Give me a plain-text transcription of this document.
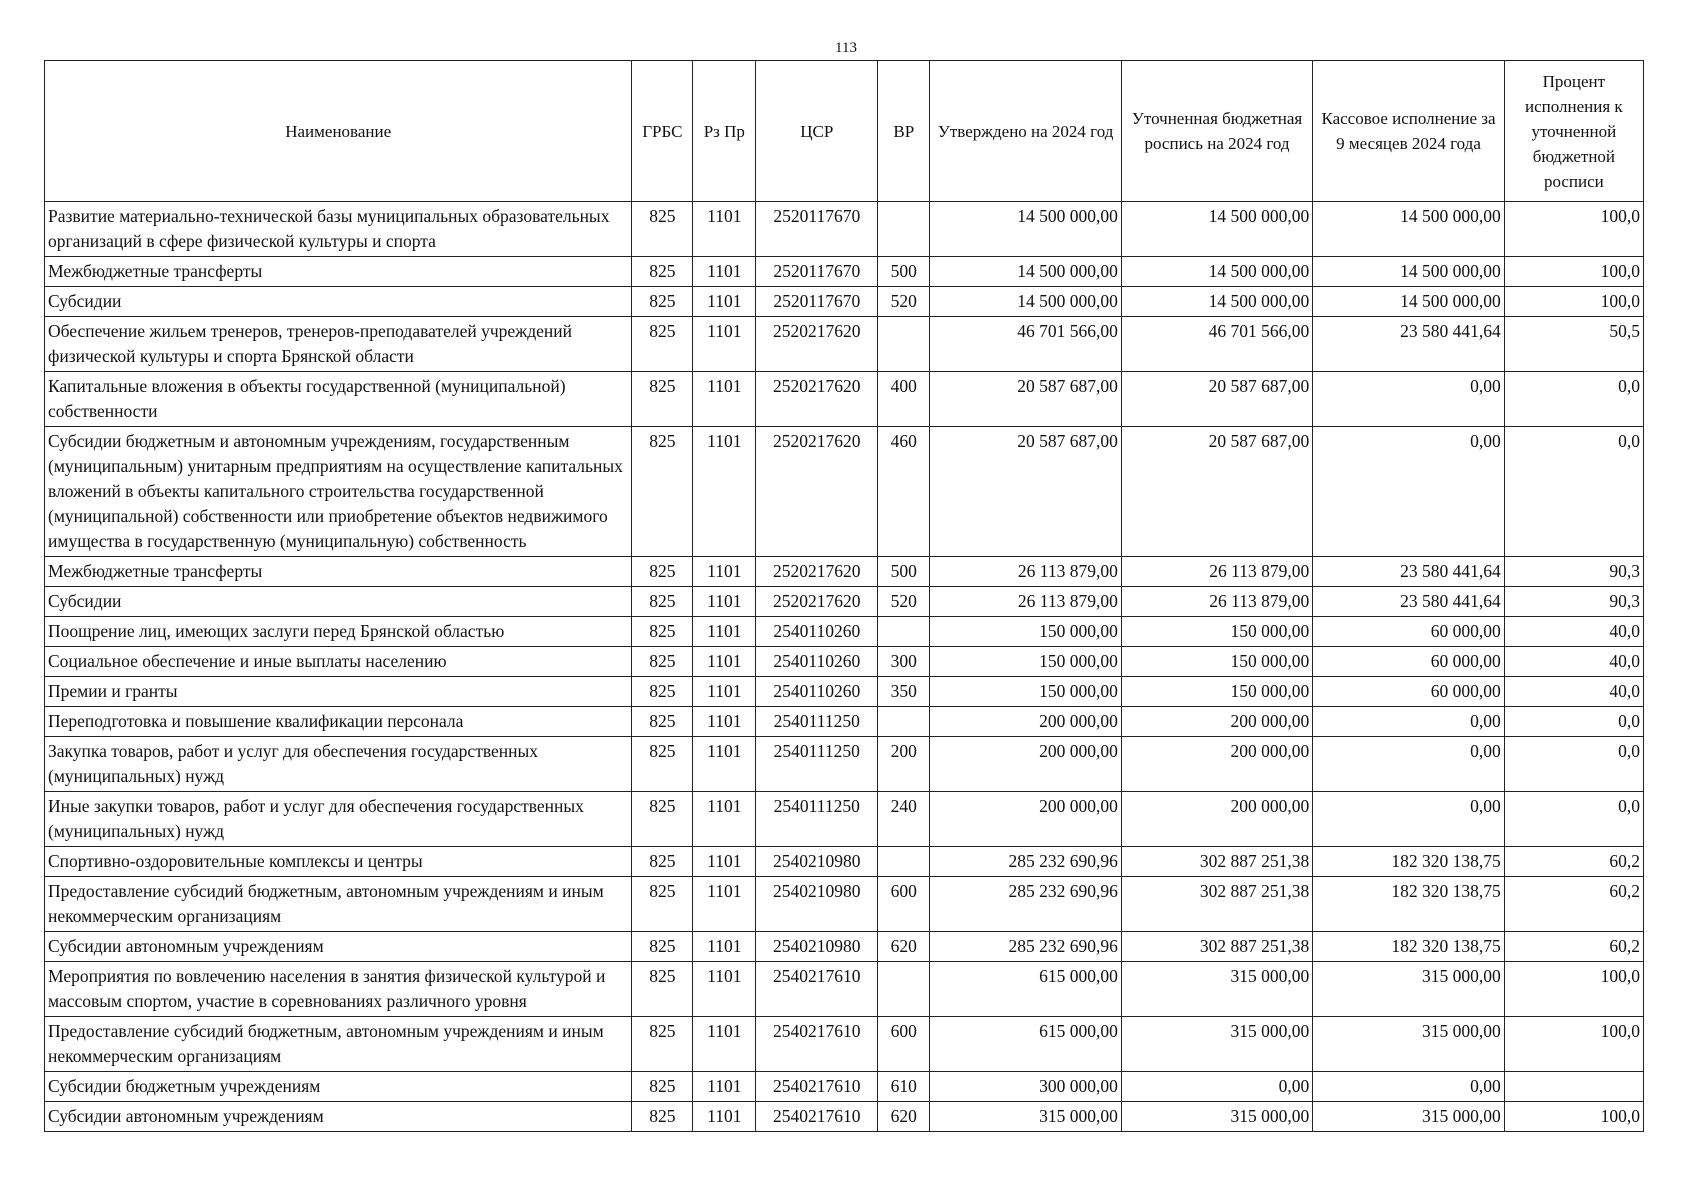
113
Наименование	ГРБС	Рз Пр	ЦСР	ВР	Утверждено на 2024 год	Уточненная бюджетная роспись на 2024 год	Кассовое исполнение за 9 месяцев 2024 года	Процент исполнения к уточненной бюджетной росписи
Развитие материально-технической базы муниципальных образовательных организаций в сфере физической культуры и спорта	825	1101	2520117670		14 500 000,00	14 500 000,00	14 500 000,00	100,0
Межбюджетные трансферты	825	1101	2520117670	500	14 500 000,00	14 500 000,00	14 500 000,00	100,0
Субсидии	825	1101	2520117670	520	14 500 000,00	14 500 000,00	14 500 000,00	100,0
Обеспечение жильем тренеров, тренеров-преподавателей учреждений физической культуры и спорта Брянской области	825	1101	2520217620		46 701 566,00	46 701 566,00	23 580 441,64	50,5
Капитальные вложения в объекты государственной (муниципальной) собственности	825	1101	2520217620	400	20 587 687,00	20 587 687,00	0,00	0,0
Субсидии бюджетным и автономным учреждениям, государственным (муниципальным) унитарным предприятиям на осуществление капитальных вложений в объекты капитального строительства государственной (муниципальной) собственности или приобретение объектов недвижимого имущества в государственную (муниципальную) собственность	825	1101	2520217620	460	20 587 687,00	20 587 687,00	0,00	0,0
Межбюджетные трансферты	825	1101	2520217620	500	26 113 879,00	26 113 879,00	23 580 441,64	90,3
Субсидии	825	1101	2520217620	520	26 113 879,00	26 113 879,00	23 580 441,64	90,3
Поощрение лиц, имеющих заслуги перед Брянской областью	825	1101	2540110260		150 000,00	150 000,00	60 000,00	40,0
Социальное обеспечение и иные выплаты населению	825	1101	2540110260	300	150 000,00	150 000,00	60 000,00	40,0
Премии и гранты	825	1101	2540110260	350	150 000,00	150 000,00	60 000,00	40,0
Переподготовка и повышение квалификации персонала	825	1101	2540111250		200 000,00	200 000,00	0,00	0,0
Закупка товаров, работ и услуг для обеспечения государственных (муниципальных) нужд	825	1101	2540111250	200	200 000,00	200 000,00	0,00	0,0
Иные закупки товаров, работ и услуг для обеспечения государственных (муниципальных) нужд	825	1101	2540111250	240	200 000,00	200 000,00	0,00	0,0
Спортивно-оздоровительные комплексы и центры	825	1101	2540210980		285 232 690,96	302 887 251,38	182 320 138,75	60,2
Предоставление субсидий бюджетным, автономным учреждениям и иным некоммерческим организациям	825	1101	2540210980	600	285 232 690,96	302 887 251,38	182 320 138,75	60,2
Субсидии автономным учреждениям	825	1101	2540210980	620	285 232 690,96	302 887 251,38	182 320 138,75	60,2
Мероприятия по вовлечению населения в занятия физической культурой и массовым спортом, участие в соревнованиях различного уровня	825	1101	2540217610		615 000,00	315 000,00	315 000,00	100,0
Предоставление субсидий бюджетным, автономным учреждениям и иным некоммерческим организациям	825	1101	2540217610	600	615 000,00	315 000,00	315 000,00	100,0
Субсидии бюджетным учреждениям	825	1101	2540217610	610	300 000,00	0,00	0,00	
Субсидии автономным учреждениям	825	1101	2540217610	620	315 000,00	315 000,00	315 000,00	100,0
